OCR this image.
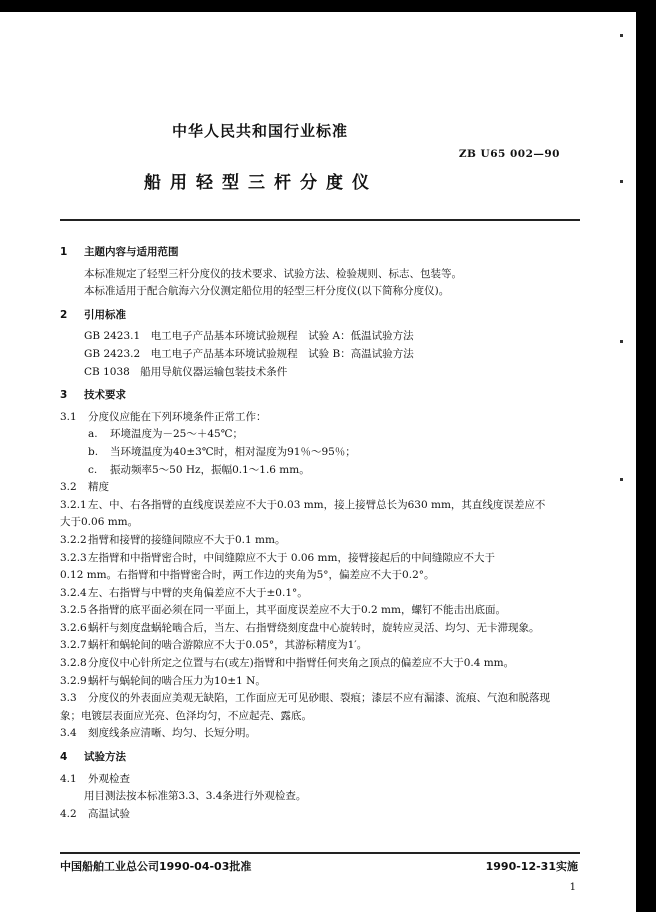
中华人民共和国行业标准
ZB U65 002—90
船用轻型三杆分度仪
1 主题内容与适用范围
本标准规定了轻型三杆分度仪的技术要求、试验方法、检验规则、标志、包装等。
本标准适用于配合航海六分仪测定船位用的轻型三杆分度仪(以下简称分度仪)。
2 引用标准
GB 2423.1　电工电子产品基本环境试验规程　试验 A：低温试验方法
GB 2423.2　电工电子产品基本环境试验规程　试验 B：高温试验方法
CB 1038　船用导航仪器运输包装技术条件
3 技术要求
3.1 分度仪应能在下列环境条件正常工作：
a. 环境温度为－25～＋45℃；
b. 当环境温度为40±3℃时，相对湿度为91％～95％；
c. 振动频率5～50 Hz，振幅0.1～1.6 mm。
3.2 精度
3.2.1左、中、右各指臂的直线度误差应不大于0.03 mm，接上接臂总长为630 mm，其直线度误差应不
大于0.06 mm。
3.2.2指臂和接臂的接缝间隙应不大于0.1 mm。
3.2.3左指臂和中指臂密合时，中间缝隙应不大于 0.06 mm，接臂接起后的中间缝隙应不大于
0.12 mm。右指臂和中指臂密合时，两工作边的夹角为5°，偏差应不大于0.2°。
3.2.4左、右指臂与中臂的夹角偏差应不大于±0.1°。
3.2.5各指臂的底平面必须在同一平面上，其平面度误差应不大于0.2 mm，螺钉不能击出底面。
3.2.6蜗杆与刻度盘蜗轮啮合后，当左、右指臂绕刻度盘中心旋转时，旋转应灵活、均匀、无卡滞现象。
3.2.7蜗杆和蜗轮间的啮合游隙应不大于0.05°，其游标精度为1′。
3.2.8分度仪中心针所定之位置与右(或左)指臂和中指臂任何夹角之顶点的偏差应不大于0.4 mm。
3.2.9蜗杆与蜗轮间的啮合压力为10±1 N。
3.3 分度仪的外表面应美观无缺陷，工作面应无可见砂眼、裂痕；漆层不应有漏漆、流痕、气泡和脱落现
象；电镀层表面应光亮、色泽均匀，不应起壳、露底。
3.4 刻度线条应清晰、均匀、长短分明。
4 试验方法
4.1 外观检查
用目测法按本标准第3.3、3.4条进行外观检查。
4.2 高温试验
中国船舶工业总公司1990-04-03批准	1990-12-31实施
1
